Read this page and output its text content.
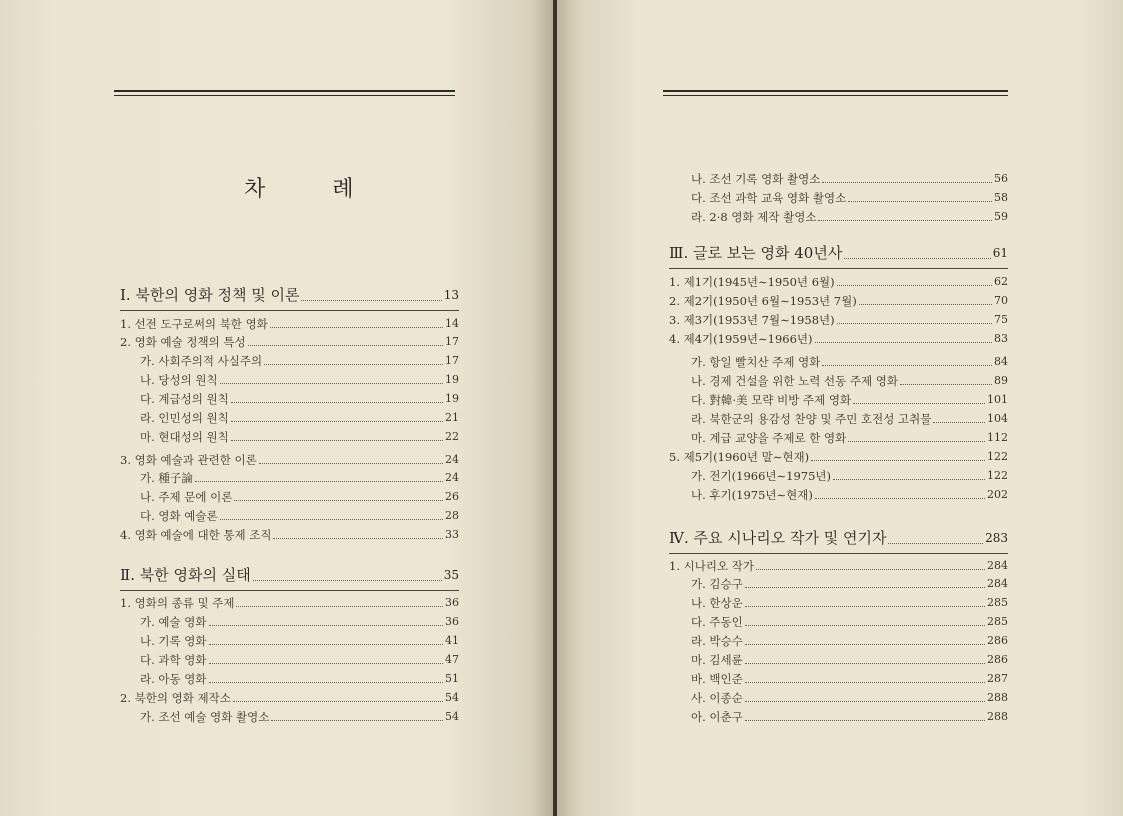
차 례
Ⅰ. 북한의 영화 정책 및 이론	13
1. 선전 도구로써의 북한 영화	14
2. 영화 예술 정책의 특성	17
가. 사회주의적 사실주의	17
나. 당성의 원칙	19
다. 계급성의 원칙	19
라. 인민성의 원칙	21
마. 현대성의 원칙	22
3. 영화 예술과 관련한 이론	24
가. 種子論	24
나. 주제 문에 이론	26
다. 영화 예술론	28
4. 영화 예술에 대한 통제 조직	33
Ⅱ. 북한 영화의 실태	35
1. 영화의 종류 및 주제	36
가. 예술 영화	36
나. 기록 영화	41
다. 과학 영화	47
라. 아동 영화	51
2. 북한의 영화 제작소	54
가. 조선 예술 영화 촬영소	54
나. 조선 기록 영화 촬영소	56
다. 조선 과학 교육 영화 촬영소	58
라. 2·8 영화 제작 촬영소	59
Ⅲ. 글로 보는 영화 40년사	61
1. 제1기(1945년∼1950년 6월)	62
2. 제2기(1950년 6월∼1953년 7월)	70
3. 제3기(1953년 7월∼1958년)	75
4. 제4기(1959년∼1966년)	83
가. 항일 빨치산 주제 영화	84
나. 경제 건설을 위한 노력 선동 주제 영화	89
다. 對韓·美 모략 비방 주제 영화	101
라. 북한군의 용감성 찬양 및 주민 호전성 고취물	104
마. 계급 교양을 주제로 한 영화	112
5. 제5기(1960년 말∼현재)	122
가. 전기(1966년∼1975년)	122
나. 후기(1975년∼현재)	202
Ⅳ. 주요 시나리오 작가 및 연기자	283
1. 시나리오 작가	284
가. 김승구	284
나. 한상운	285
다. 주동인	285
라. 박승수	286
마. 김세륜	286
바. 백인준	287
사. 이종순	288
아. 이춘구	288
